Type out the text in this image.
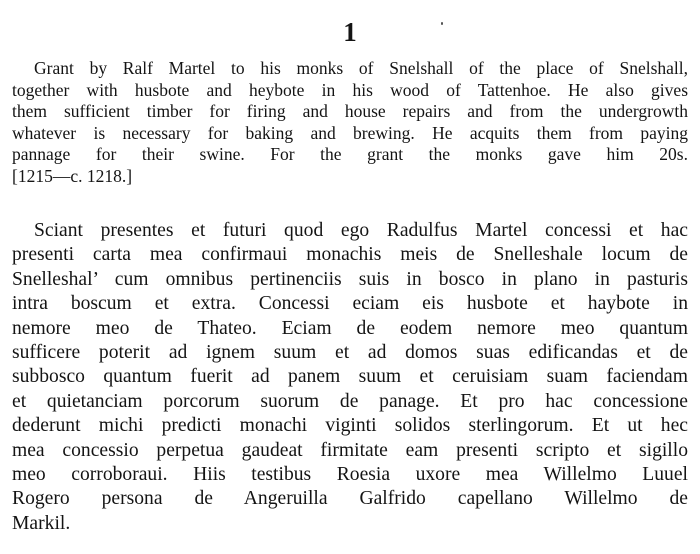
1
Grant by Ralf Martel to his monks of Snelshall of the place of Snelshall,
together with husbote and heybote in his wood of Tattenhoe. He also gives
them sufficient timber for firing and house repairs and from the undergrowth
whatever is necessary for baking and brewing. He acquits them from paying
pannage for their swine. For the grant the monks gave him 20s.
[1215—c. 1218.]
Sciant presentes et futuri quod ego Radulfus Martel concessi et hac
presenti carta mea confirmaui monachis meis de Snelleshale locum de
Snelleshal’ cum omnibus pertinenciis suis in bosco in plano in pasturis
intra boscum et extra. Concessi eciam eis husbote et haybote in
nemore meo de Thateo. Eciam de eodem nemore meo quantum
sufficere poterit ad ignem suum et ad domos suas edificandas et de
subbosco quantum fuerit ad panem suum et ceruisiam suam faciendam
et quietanciam porcorum suorum de panage. Et pro hac concessione
dederunt michi predicti monachi viginti solidos sterlingorum. Et ut hec
mea concessio perpetua gaudeat firmitate eam presenti scripto et sigillo
meo corroboraui. Hiis testibus Roesia uxore mea Willelmo Luuel
Rogero persona de Angeruilla Galfrido capellano Willelmo de
Markil.
